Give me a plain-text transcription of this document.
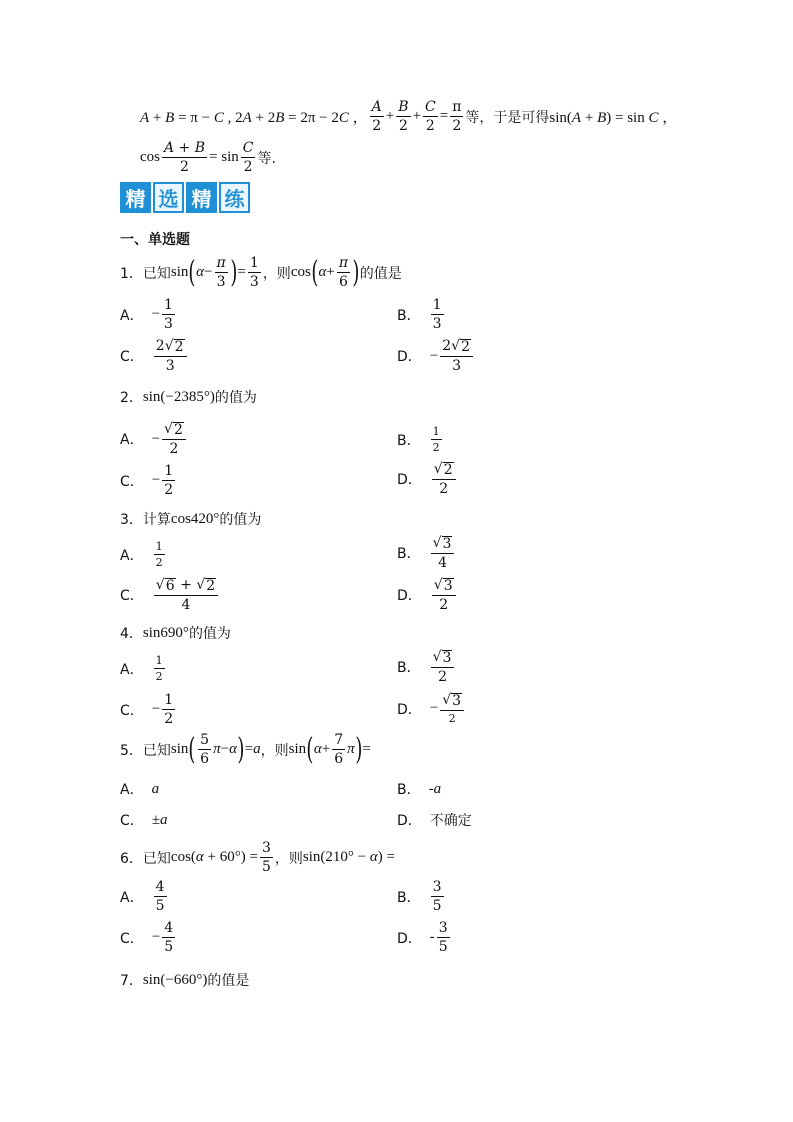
A + B = π − C , 2A + 2B = 2π − 2C ， $\frac{A}{2} + \frac{B}{2} + \frac{C}{2} = \frac{\pi}{2}$ 等，于是可得 sin(A + B) = sin C ，
$\cos \frac{A + B}{2} = \sin \frac{C}{2}$ 等.
精 选 精 练
一、单选题
1． 已知 sin ( $\alpha - \frac{\pi}{3}$ ) = $\frac{1}{3}$ ，则 cos ( $\alpha + \frac{\pi}{6}$ ) 的值是
A． − $\frac{1}{3}$	B． $\frac{1}{3}$
C． $\frac{2 √ 2}{3}$	D． − $\frac{2 √ 2}{3}$
2． sin(−2385°) 的值为
A． − $\frac{√ 2}{2}$	B． $\frac{1}{2}$
C． − $\frac{1}{2}$	D． $\frac{√ 2}{2}$
3． 计算 cos420° 的值为
A． $\frac{1}{2}$	B． $\frac{√ 3}{4}$
C． $\frac{√ 6 + √ 2}{4}$	D． $\frac{√ 3}{2}$
4． sin690° 的值为
A． $\frac{1}{2}$	B． $\frac{√ 3}{2}$
C． − $\frac{1}{2}$	D． − $\frac{√ 3}{2}$
5． 已知 sin ( $\frac{5}{6}$ π − α ) = a ，则 sin ( $\alpha + \frac{7}{6}$ π ) =
A． a	B． -a
C． ±a	D． 不确定
6． 已知 $\cos(\alpha + 60^\circ) = \frac{3}{5}$ ，则 sin(210° − α) =
A． $\frac{4}{5}$	B． $\frac{3}{5}$
C． − $\frac{4}{5}$	D． - $\frac{3}{5}$
7． sin(−660°) 的值是
